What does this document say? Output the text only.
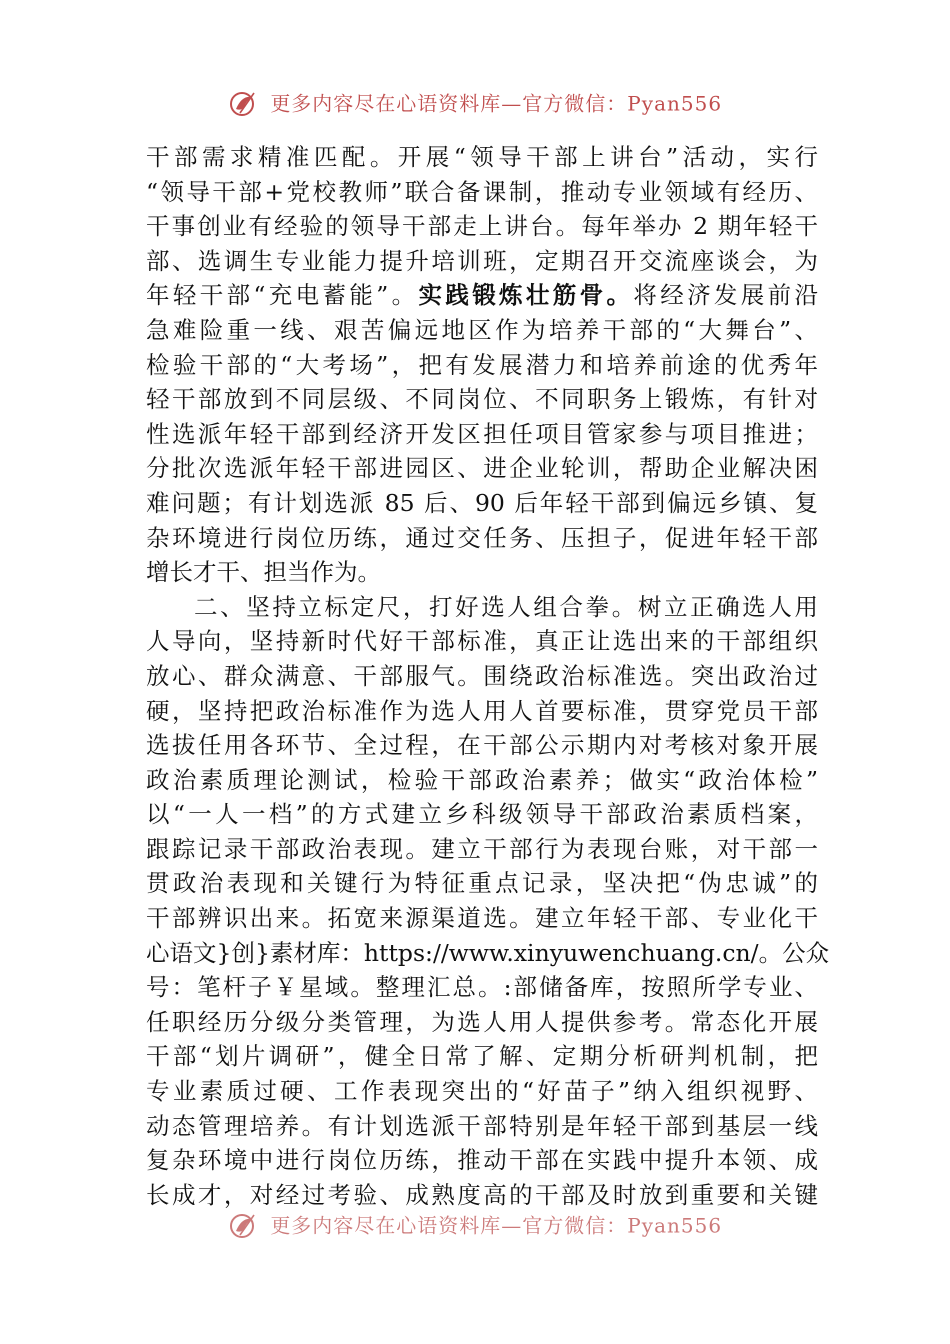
更多内容尽在心语资料库—官方微信：Pyan556
干部需求精准匹配。开展“领导干部上讲台”活动，实行
“领导干部+党校教师”联合备课制，推动专业领域有经历、
干事创业有经验的领导干部走上讲台。每年举办 2 期年轻干
部、选调生专业能力提升培训班，定期召开交流座谈会，为
年轻干部“充电蓄能”。实践锻炼壮筋骨。将经济发展前沿
急难险重一线、艰苦偏远地区作为培养干部的“大舞台”、
检验干部的“大考场”，把有发展潜力和培养前途的优秀年
轻干部放到不同层级、不同岗位、不同职务上锻炼，有针对
性选派年轻干部到经济开发区担任项目管家参与项目推进；
分批次选派年轻干部进园区、进企业轮训，帮助企业解决困
难问题；有计划选派 85 后、90 后年轻干部到偏远乡镇、复
杂环境进行岗位历练，通过交任务、压担子，促进年轻干部
增长才干、担当作为。
二、坚持立标定尺，打好选人组合拳。树立正确选人用
人导向，坚持新时代好干部标准，真正让选出来的干部组织
放心、群众满意、干部服气。围绕政治标准选。突出政治过
硬，坚持把政治标准作为选人用人首要标准，贯穿党员干部
选拔任用各环节、全过程，在干部公示期内对考核对象开展
政治素质理论测试，检验干部政治素养；做实“政治体检”
以“一人一档”的方式建立乡科级领导干部政治素质档案，
跟踪记录干部政治表现。建立干部行为表现台账，对干部一
贯政治表现和关键行为特征重点记录，坚决把“伪忠诚”的
干部辨识出来。拓宽来源渠道选。建立年轻干部、专业化干
心语文}创}素材库：https://www.xinyuwenchuang.cn/。公众
号：笔杆子￥星域。整理汇总。:部储备库，按照所学专业、
任职经历分级分类管理，为选人用人提供参考。常态化开展
干部“划片调研”，健全日常了解、定期分析研判机制，把
专业素质过硬、工作表现突出的“好苗子”纳入组织视野、
动态管理培养。有计划选派干部特别是年轻干部到基层一线
复杂环境中进行岗位历练，推动干部在实践中提升本领、成
长成才，对经过考验、成熟度高的干部及时放到重要和关键
更多内容尽在心语资料库—官方微信：Pyan556
